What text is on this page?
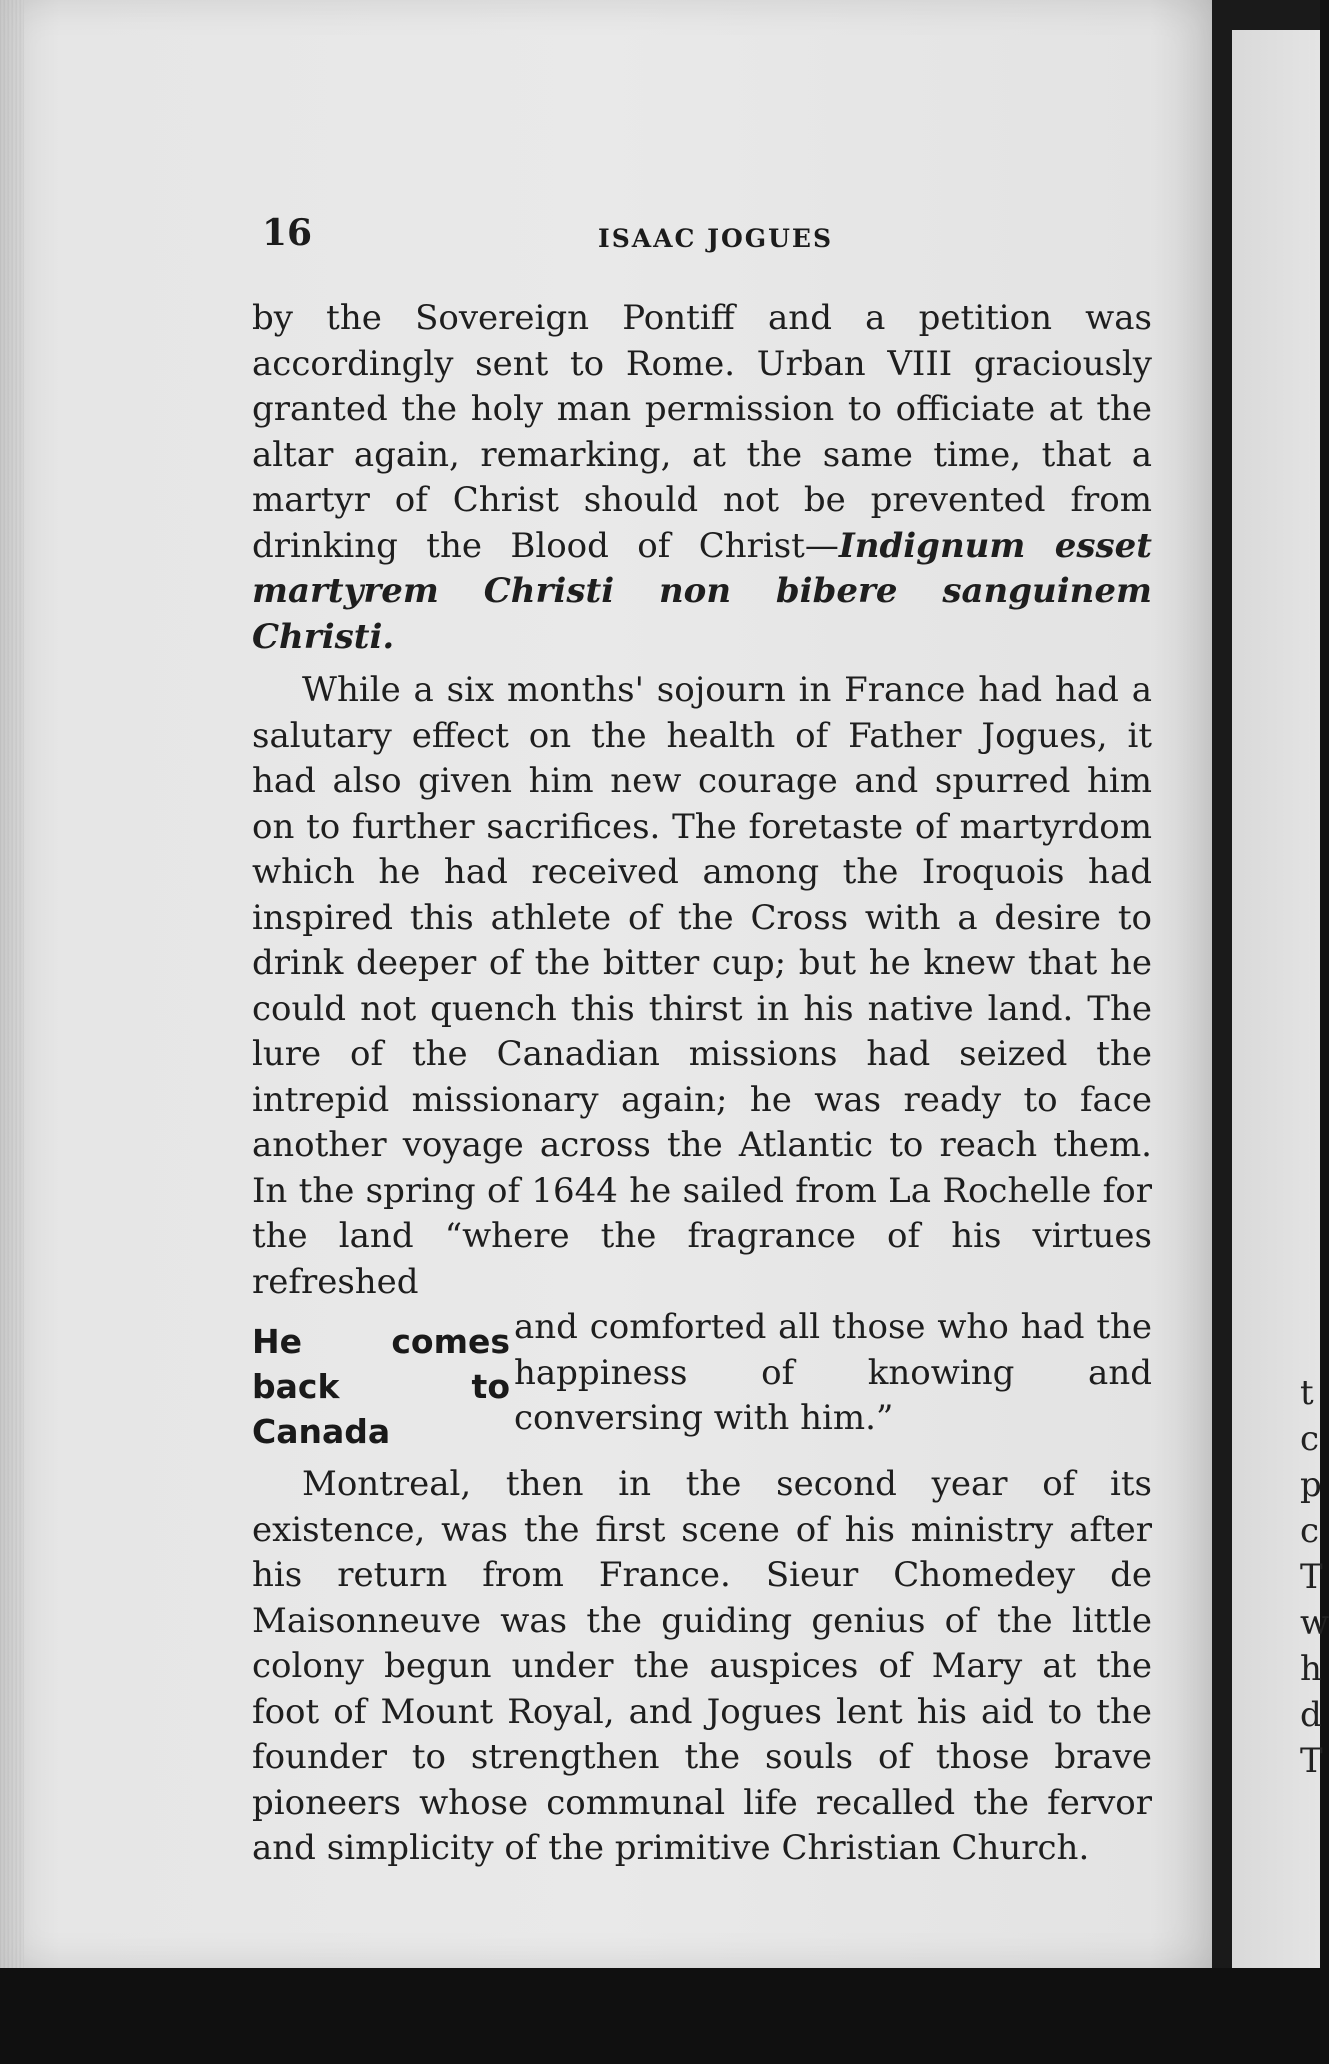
16	ISAAC JOGUES

by the Sovereign Pontiff and a petition was accordingly sent to Rome. Urban VIII graciously granted the holy man permission to officiate at the altar again, remarking, at the same time, that a martyr of Christ should not be prevented from drinking the Blood of Christ—Indignum esset martyrem Christi non bibere sanguinem Christi.

While a six months' sojourn in France had had a salutary effect on the health of Father Jogues, it had also given him new courage and spurred him on to further sacrifices. The foretaste of martyrdom which he had received among the Iroquois had inspired this athlete of the Cross with a desire to drink deeper of the bitter cup; but he knew that he could not quench this thirst in his native land. The lure of the Canadian missions had seized the intrepid missionary again; he was ready to face another voyage across the Atlantic to reach them. In the spring of 1644 he sailed from La Rochelle for the land “where the fragrance of his virtues refreshed

He comes back to Canada
and comforted all those who had the happiness of knowing and conversing with him.”

Montreal, then in the second year of its existence, was the first scene of his ministry after his return from France. Sieur Chomedey de Maisonneuve was the guiding genius of the little colony begun under the auspices of Mary at the foot of Mount Royal, and Jogues lent his aid to the founder to strengthen the souls of those brave pioneers whose communal life recalled the fervor and simplicity of the primitive Christian Church.

t
c
p
c
T
w
h
d
T
